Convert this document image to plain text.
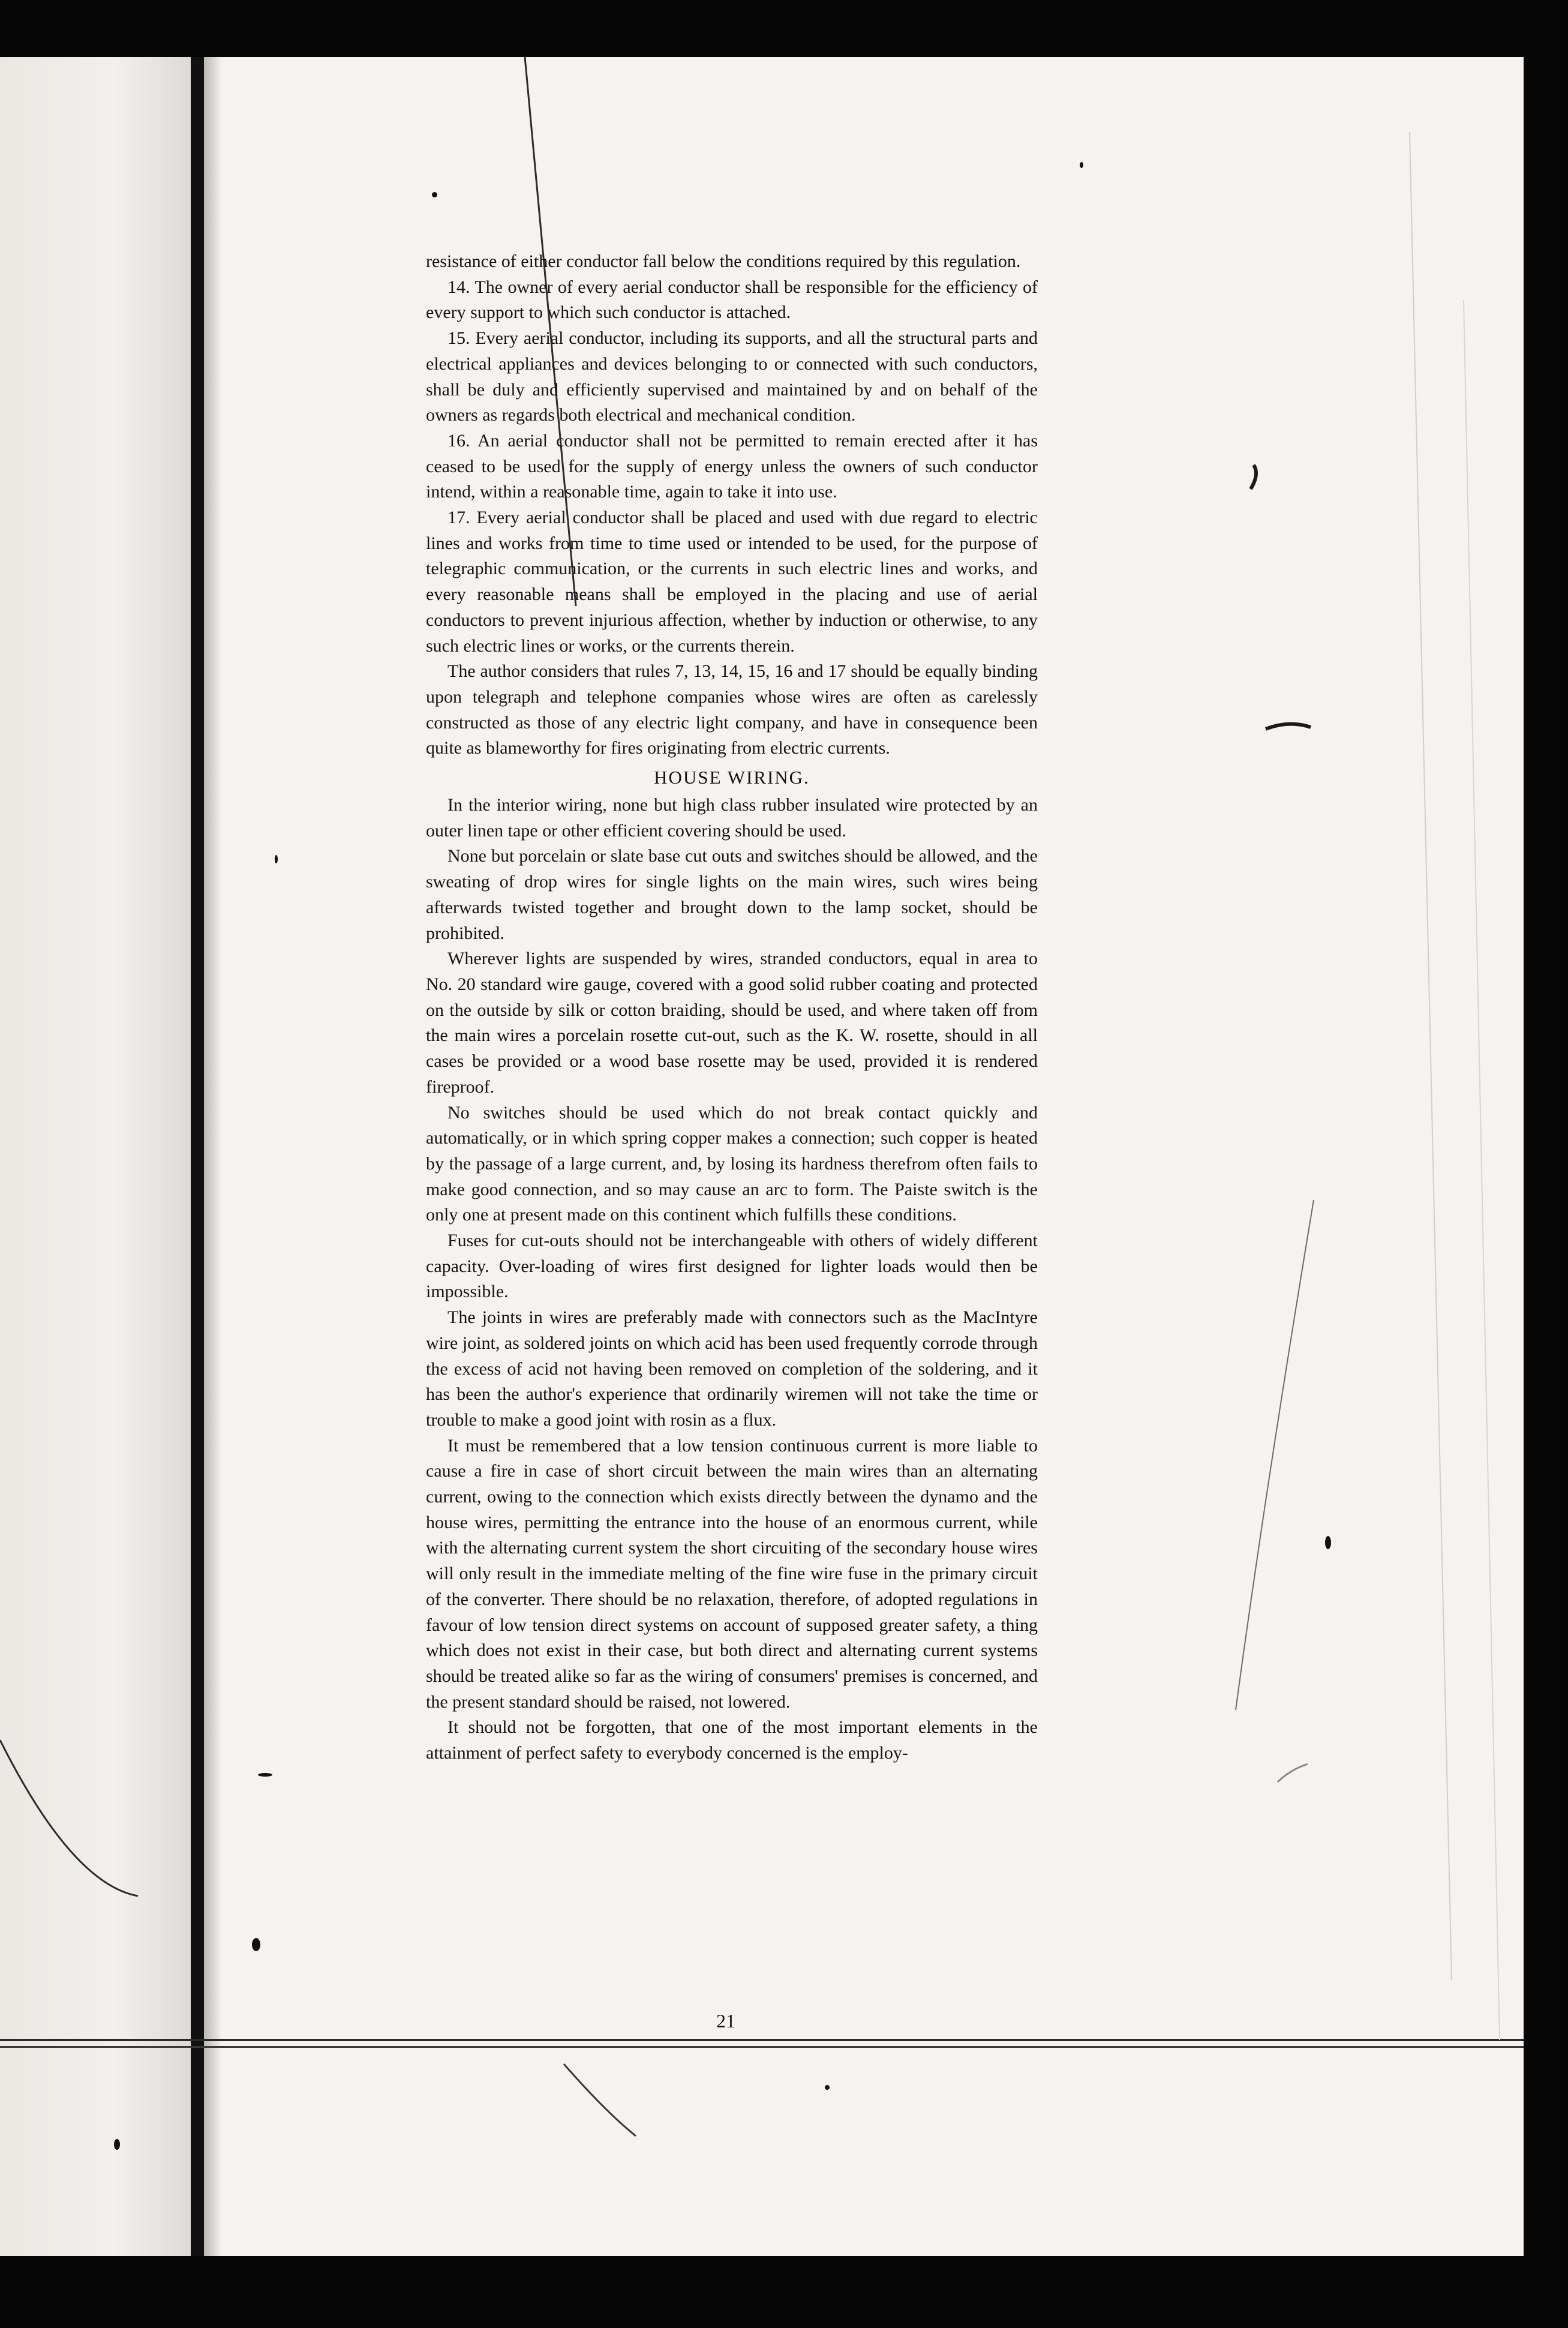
resistance of either conductor fall below the conditions required by this regulation.

14. The owner of every aerial conductor shall be responsible for the efficiency of every support to which such conductor is attached.

15. Every aerial conductor, including its supports, and all the structural parts and electrical appliances and devices belonging to or connected with such conductors, shall be duly and efficiently supervised and maintained by and on behalf of the owners as regards both electrical and mechanical condition.

16. An aerial conductor shall not be permitted to remain erected after it has ceased to be used for the supply of energy unless the owners of such conductor intend, within a reasonable time, again to take it into use.

17. Every aerial conductor shall be placed and used with due regard to electric lines and works from time to time used or intended to be used, for the purpose of telegraphic communication, or the currents in such electric lines and works, and every reasonable means shall be employed in the placing and use of aerial conductors to prevent injurious affection, whether by induction or otherwise, to any such electric lines or works, or the currents therein.

The author considers that rules 7, 13, 14, 15, 16 and 17 should be equally binding upon telegraph and telephone companies whose wires are often as carelessly constructed as those of any electric light company, and have in consequence been quite as blameworthy for fires originating from electric currents.

HOUSE WIRING.

In the interior wiring, none but high class rubber insulated wire protected by an outer linen tape or other efficient covering should be used.

None but porcelain or slate base cut outs and switches should be allowed, and the sweating of drop wires for single lights on the main wires, such wires being afterwards twisted together and brought down to the lamp socket, should be prohibited.

Wherever lights are suspended by wires, stranded conductors, equal in area to No. 20 standard wire gauge, covered with a good solid rubber coating and protected on the outside by silk or cotton braiding, should be used, and where taken off from the main wires a porcelain rosette cut-out, such as the K. W. rosette, should in all cases be provided or a wood base rosette may be used, provided it is rendered fireproof.

No switches should be used which do not break contact quickly and automatically, or in which spring copper makes a connection; such copper is heated by the passage of a large current, and, by losing its hardness therefrom often fails to make good connection, and so may cause an arc to form. The Paiste switch is the only one at present made on this continent which fulfills these conditions.

Fuses for cut-outs should not be interchangeable with others of widely different capacity. Over-loading of wires first designed for lighter loads would then be impossible.

The joints in wires are preferably made with connectors such as the MacIntyre wire joint, as soldered joints on which acid has been used frequently corrode through the excess of acid not having been removed on completion of the soldering, and it has been the author's experience that ordinarily wiremen will not take the time or trouble to make a good joint with rosin as a flux.

It must be remembered that a low tension continuous current is more liable to cause a fire in case of short circuit between the main wires than an alternating current, owing to the connection which exists directly between the dynamo and the house wires, permitting the entrance into the house of an enormous current, while with the alternating current system the short circuiting of the secondary house wires will only result in the immediate melting of the fine wire fuse in the primary circuit of the converter. There should be no relaxation, therefore, of adopted regulations in favour of low tension direct systems on account of supposed greater safety, a thing which does not exist in their case, but both direct and alternating current systems should be treated alike so far as the wiring of consumers' premises is concerned, and the present standard should be raised, not lowered.

It should not be forgotten, that one of the most important elements in the attainment of perfect safety to everybody concerned is the employ-

21
